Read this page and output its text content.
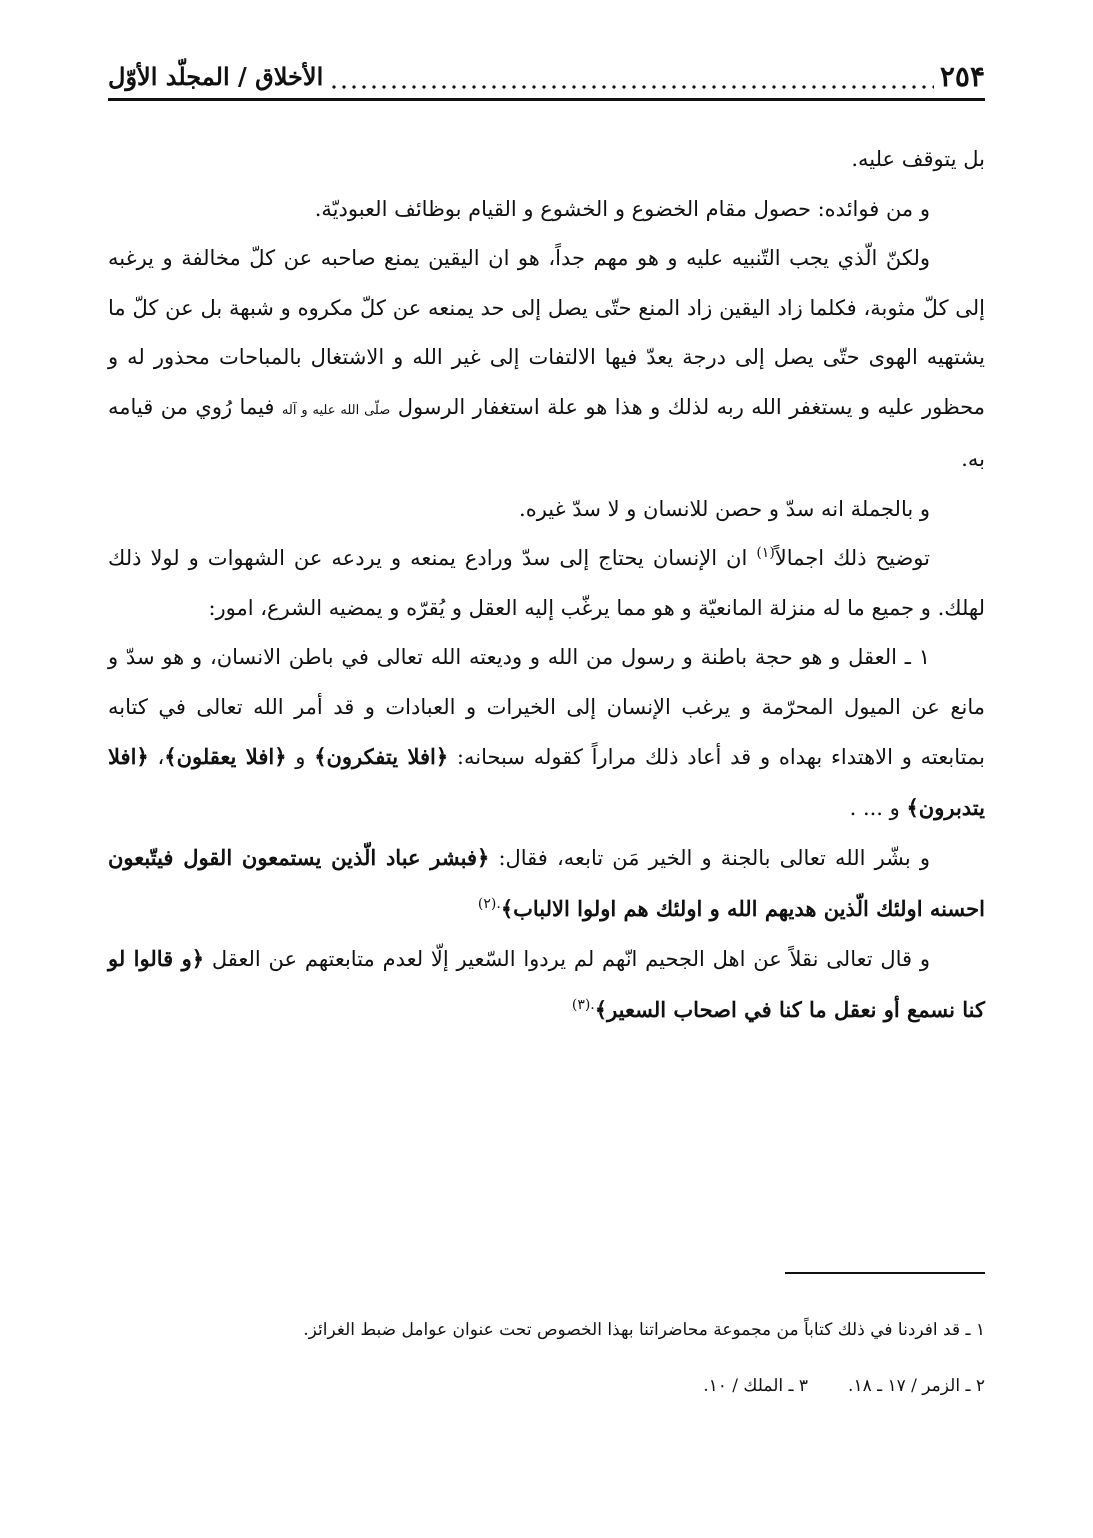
٢٥۴
الأخلاق / المجلّد الأوّل

بل يتوقف عليه.

و من فوائده: حصول مقام الخضوع و الخشوع و القيام بوظائف العبوديّة.

ولكنّ الّذي يجب التّنبيه عليه و هو مهم جداً، هو ان اليقين يمنع صاحبه عن كلّ مخالفة و يرغبه إلى كلّ مثوبة، فكلما زاد اليقين زاد المنع حتّى يصل إلى حد يمنعه عن كلّ مكروه و شبهة بل عن كلّ ما يشتهيه الهوى حتّى يصل إلى درجة يعدّ فيها الالتفات إلى غير الله و الاشتغال بالمباحات محذور له و محظور عليه و يستغفر الله ربه لذلك و هذا هو علة استغفار الرسول صلّی الله علیه و آله فيما رُوي من قيامه به.

و بالجملة انه سدّ و حصن للانسان و لا سدّ غيره.

توضيح ذلك اجمالاً$^{(١)}$ ان الإنسان يحتاج إلى سدّ ورادع يمنعه و يردعه عن الشهوات و لولا ذلك لهلك. و جميع ما له منزلة المانعيّة و هو مما يرغّب إليه العقل و يُقرّه و يمضيه الشرع، امور:

١ ـ العقل و هو حجة باطنة و رسول من الله و وديعته الله تعالى في باطن الانسان، و هو سدّ و مانع عن الميول المحرّمة و يرغب الإنسان إلى الخيرات و العبادات و قد أمر الله تعالى في كتابه بمتابعته و الاهتداء بهداه و قد أعاد ذلك مراراً كقوله سبحانه: ﴿افلا يتفكرون﴾ و ﴿افلا يعقلون﴾، ﴿افلا يتدبرون﴾ و ... .

و بشّر الله تعالى بالجنة و الخير مَن تابعه، فقال: ﴿فبشر عباد الّذين يستمعون القول فيتّبعون احسنه اولئك الّذين هديهم الله و اولئك هم اولوا الالباب﴾$^{.(٢)}$

و قال تعالى نقلاً عن اهل الجحيم انّهم لم يردوا السّعير إلّا لعدم متابعتهم عن العقل ﴿و قالوا لو كنا نسمع أو نعقل ما كنا في اصحاب السعير﴾$^{.(٣)}$

١ ـ قد افردنا في ذلك كتاباً من مجموعة محاضراتنا بهذا الخصوص تحت عنوان عوامل ضبط الغرائز.

٢ ـ الزمر / ١٧ ـ ١٨.٣ ـ الملك / ١٠.
